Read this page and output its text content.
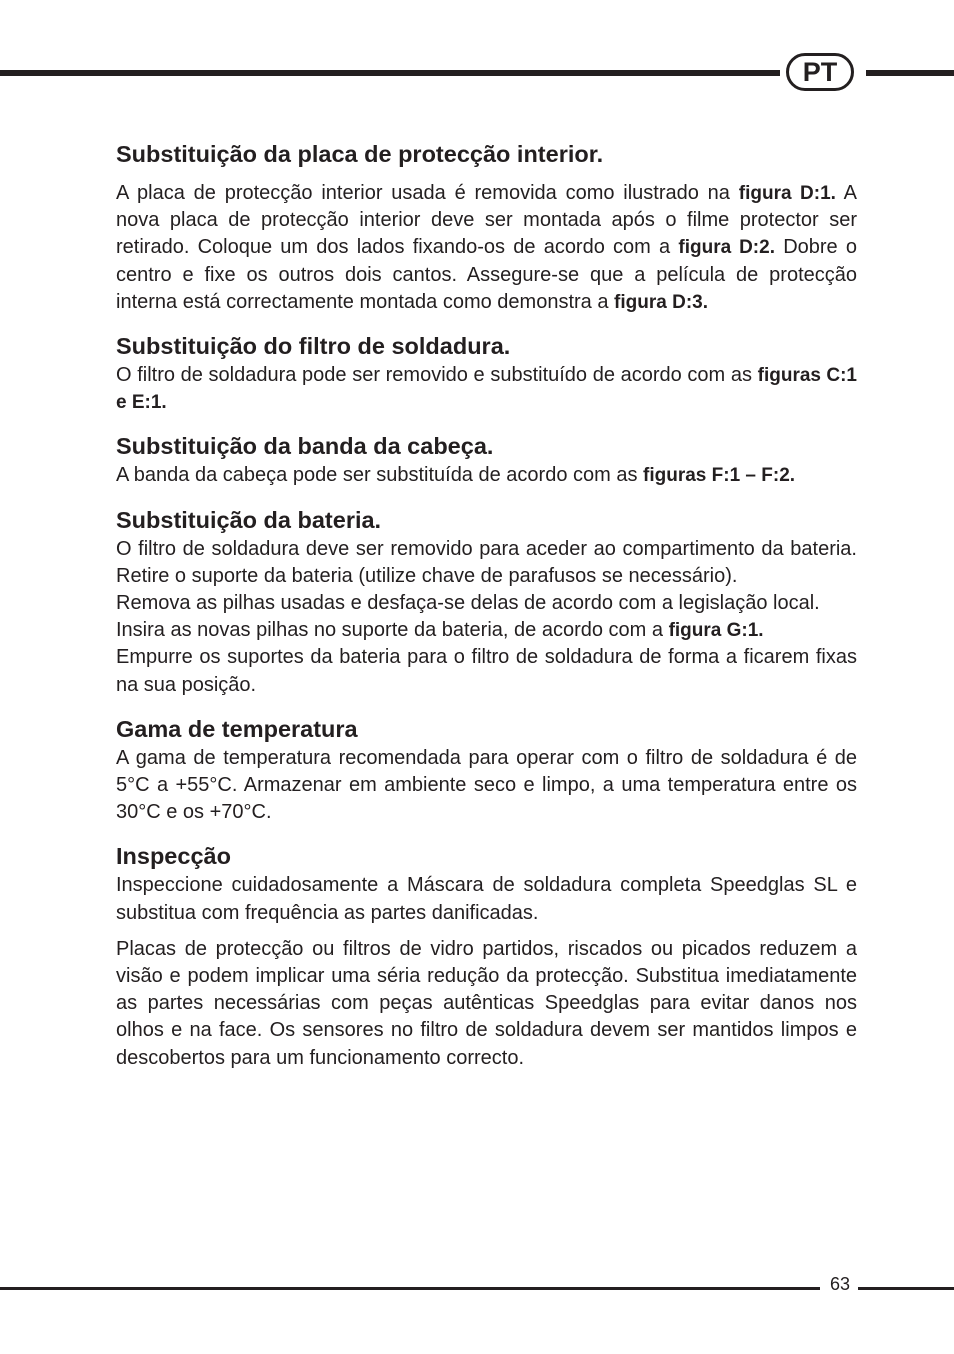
PT
Substituição da placa de protecção interior.

A placa de protecção interior usada é removida como ilustrado na figura D:1. A nova placa de protecção interior deve ser montada após o filme protector ser retirado. Coloque um dos lados fixando-os de acordo com a figura D:2. Dobre o centro e fixe os outros dois cantos. Assegure-se que a película de protecção interna está correctamente montada como demonstra a figura D:3.

Substituição do filtro de soldadura.

O filtro de soldadura pode ser removido e substituído de acordo com as figuras C:1 e E:1.

Substituição da banda da cabeça.

A banda da cabeça pode ser substituída de acordo com as figuras F:1 – F:2.

Substituição da bateria.

O filtro de soldadura deve ser removido para aceder ao compartimento da bateria. Retire o suporte da bateria (utilize chave de parafusos se necessário).

Remova as pilhas usadas e desfaça-se delas de acordo com a legislação local.

Insira as novas pilhas no suporte da bateria, de acordo com a figura G:1.

Empurre os suportes da bateria para o filtro de soldadura de forma a ficarem fixas na sua posição.

Gama de temperatura

A gama de temperatura recomendada para operar com o filtro de soldadura é de 5°C a +55°C. Armazenar em ambiente seco e limpo, a uma temperatura entre os 30°C e os +70°C.

Inspecção

Inspeccione cuidadosamente a Máscara de soldadura completa Speedglas SL e substitua com frequência as partes danificadas.

Placas de protecção ou filtros de vidro partidos, riscados ou picados reduzem a visão e podem implicar uma séria redução da protecção. Substitua imediatamente as partes necessárias com peças autênticas Speedglas para evitar danos nos olhos e na face. Os sensores no filtro de soldadura devem ser mantidos limpos e descobertos para um funcionamento correcto.

63
